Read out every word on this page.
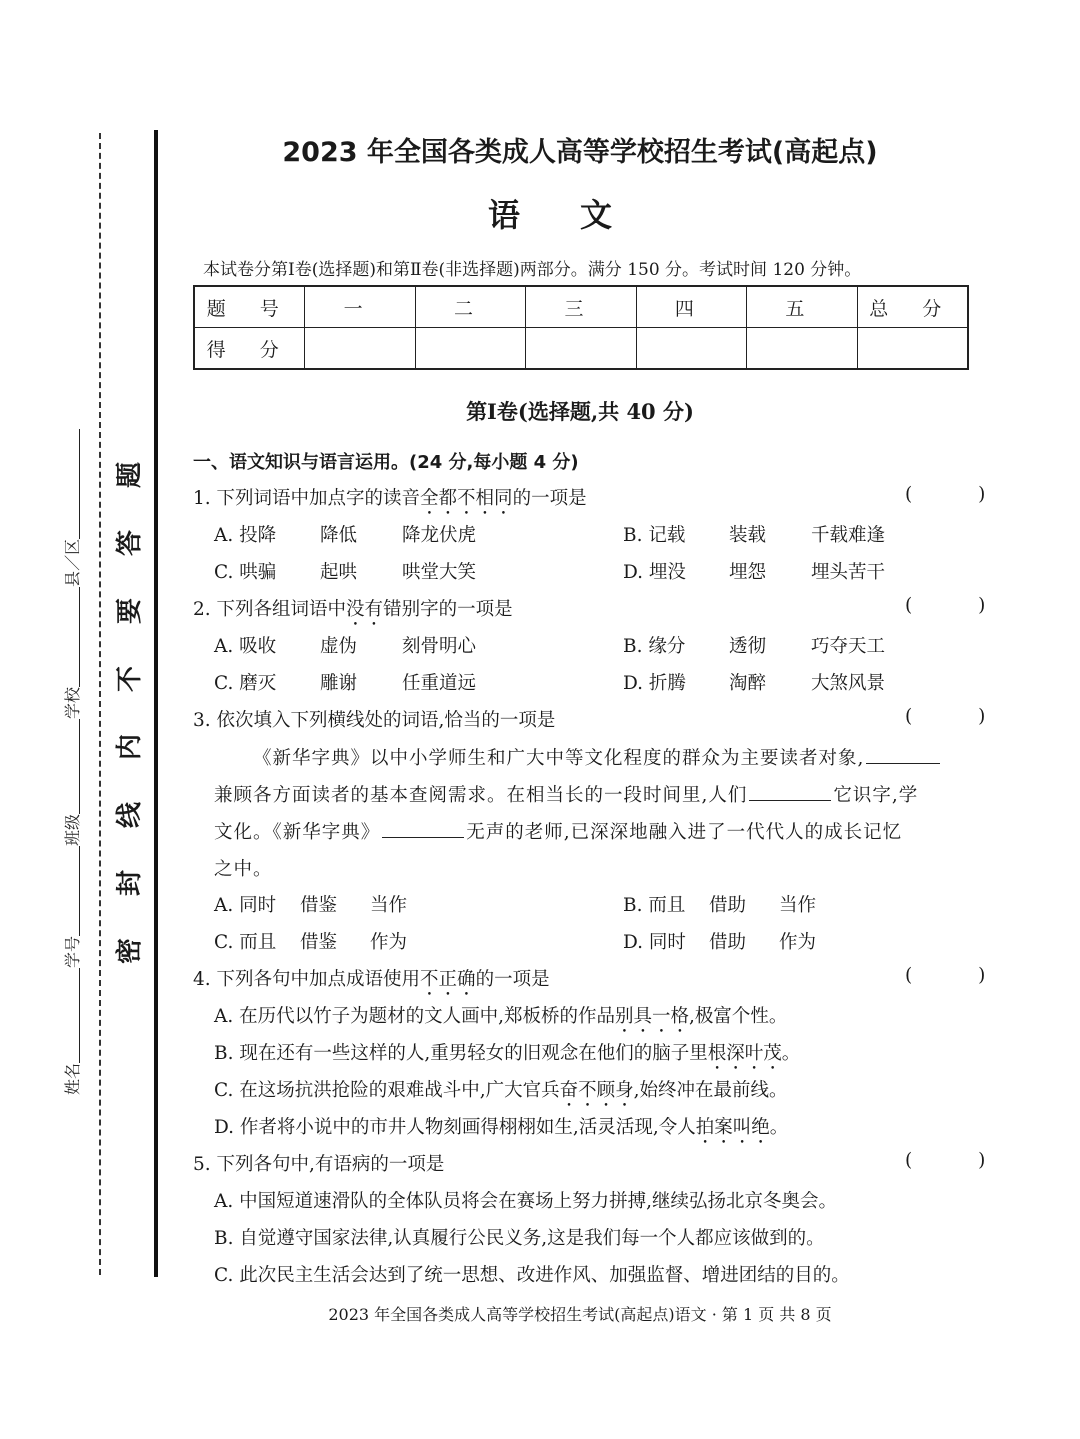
题
答
要
不
内
线
封
密
姓名学号班级学校县／区
2023 年全国各类成人高等学校招生考试(高起点)
语文
本试卷分第Ⅰ卷(选择题)和第Ⅱ卷(非选择题)两部分。满分 150 分。考试时间 120 分钟。
题 号	一	二	三	四	五	总 分
得 分						
第Ⅰ卷(选择题,共 40 分)
一、语文知识与语言运用。(24 分,每小题 4 分)
1. 下列词语中加点字的读音全都不相同的一项是	( )
A. 投降 降低 降龙伏虎	B. 记载 装载 千载难逢
C. 哄骗 起哄 哄堂大笑	D. 埋没 埋怨 埋头苦干
2. 下列各组词语中没有错别字的一项是	( )
A. 吸收 虚伪 刻骨明心	B. 缘分 透彻 巧夺天工
C. 磨灭 雕谢 任重道远	D. 折腾 淘醉 大煞风景
3. 依次填入下列横线处的词语,恰当的一项是	( )
《新华字典》以中小学师生和广大中等文化程度的群众为主要读者对象,
兼顾各方面读者的基本查阅需求。在相当长的一段时间里,人们	它识字,学
文化。《新华字典》	无声的老师,已深深地融入进了一代代人的成长记忆
之中。
A. 同时 借鉴 当作	B. 而且 借助 当作
C. 而且 借鉴 作为	D. 同时 借助 作为
4. 下列各句中加点成语使用不正确的一项是	( )
A. 在历代以竹子为题材的文人画中,郑板桥的作品别具一格,极富个性。
B. 现在还有一些这样的人,重男轻女的旧观念在他们的脑子里根深叶茂。
C. 在这场抗洪抢险的艰难战斗中,广大官兵奋不顾身,始终冲在最前线。
D. 作者将小说中的市井人物刻画得栩栩如生,活灵活现,令人拍案叫绝。
5. 下列各句中,有语病的一项是	( )
A. 中国短道速滑队的全体队员将会在赛场上努力拼搏,继续弘扬北京冬奥会。
B. 自觉遵守国家法律,认真履行公民义务,这是我们每一个人都应该做到的。
C. 此次民主生活会达到了统一思想、改进作风、加强监督、增进团结的目的。
2023 年全国各类成人高等学校招生考试(高起点)语文 · 第 1 页 共 8 页
